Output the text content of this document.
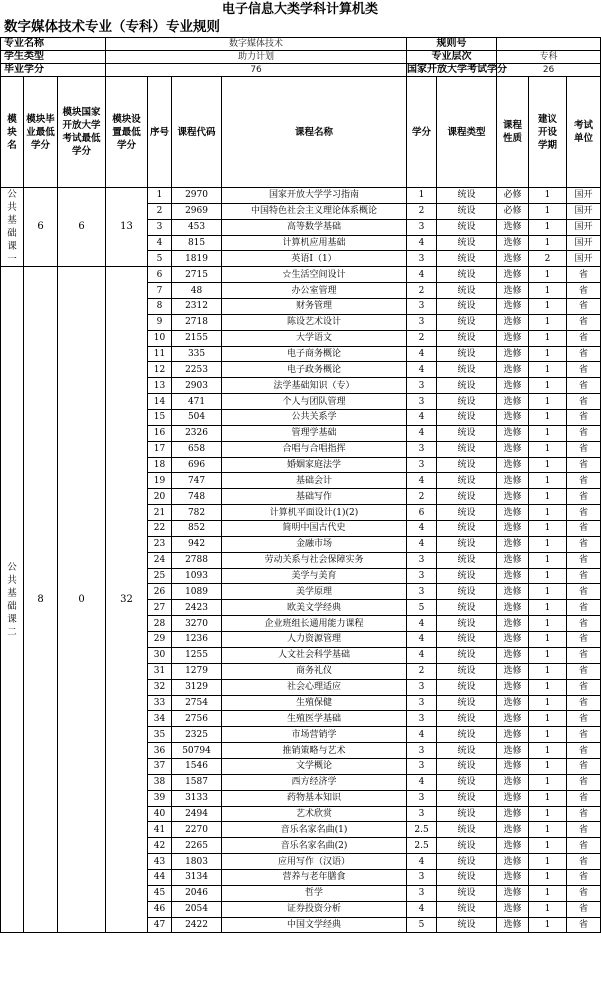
电子信息大类学科计算机类
数字媒体技术专业（专科）专业规则
专业名称			数字媒体技术				规则号				
学生类型			助力计划				专业层次		专科		
毕业学分			76				国家开放大学考试学分		26		
模块名	模块毕业最低学分	模块国家开放大学考试最低学分	模块设置最低学分	序号	课程代码	课程名称	学分	课程类型	课程性质	建议开设学期	考试单位
公共基础课一	6	6	13	1	2970	国家开放大学学习指南	1	统设	必修	1	国开
				2	2969	中国特色社会主义理论体系概论	2	统设	必修	1	国开
				3	453	高等数学基础	3	统设	选修	1	国开
				4	815	计算机应用基础	4	统设	选修	1	国开
				5	1819	英语Ⅰ（1）	3	统设	选修	2	国开
公共基础课二	8	0	32	6	2715	☆生活空间设计	4	统设	选修	1	省
				7	48	办公室管理	2	统设	选修	1	省
				8	2312	财务管理	3	统设	选修	1	省
				9	2718	陈设艺术设计	3	统设	选修	1	省
				10	2155	大学语文	2	统设	选修	1	省
				11	335	电子商务概论	4	统设	选修	1	省
				12	2253	电子政务概论	4	统设	选修	1	省
				13	2903	法学基础知识（专）	3	统设	选修	1	省
				14	471	个人与团队管理	3	统设	选修	1	省
				15	504	公共关系学	4	统设	选修	1	省
				16	2326	管理学基础	4	统设	选修	1	省
				17	658	合唱与合唱指挥	3	统设	选修	1	省
				18	696	婚姻家庭法学	3	统设	选修	1	省
				19	747	基础会计	4	统设	选修	1	省
				20	748	基础写作	2	统设	选修	1	省
				21	782	计算机平面设计(1)(2)	6	统设	选修	1	省
				22	852	简明中国古代史	4	统设	选修	1	省
				23	942	金融市场	4	统设	选修	1	省
				24	2788	劳动关系与社会保障实务	3	统设	选修	1	省
				25	1093	美学与美育	3	统设	选修	1	省
				26	1089	美学原理	3	统设	选修	1	省
				27	2423	欧美文学经典	5	统设	选修	1	省
				28	3270	企业班组长通用能力课程	4	统设	选修	1	省
				29	1236	人力资源管理	4	统设	选修	1	省
				30	1255	人文社会科学基础	4	统设	选修	1	省
				31	1279	商务礼仪	2	统设	选修	1	省
				32	3129	社会心理适应	3	统设	选修	1	省
				33	2754	生殖保健	3	统设	选修	1	省
				34	2756	生殖医学基础	3	统设	选修	1	省
				35	2325	市场营销学	4	统设	选修	1	省
				36	50794	推销策略与艺术	3	统设	选修	1	省
				37	1546	文学概论	3	统设	选修	1	省
				38	1587	西方经济学	4	统设	选修	1	省
				39	3133	药物基本知识	3	统设	选修	1	省
				40	2494	艺术欣赏	3	统设	选修	1	省
				41	2270	音乐名家名曲(1)	2.5	统设	选修	1	省
				42	2265	音乐名家名曲(2)	2.5	统设	选修	1	省
				43	1803	应用写作（汉语）	4	统设	选修	1	省
				44	3134	营养与老年膳食	3	统设	选修	1	省
				45	2046	哲学	3	统设	选修	1	省
				46	2054	证券投资分析	4	统设	选修	1	省
				47	2422	中国文学经典	5	统设	选修	1	省
